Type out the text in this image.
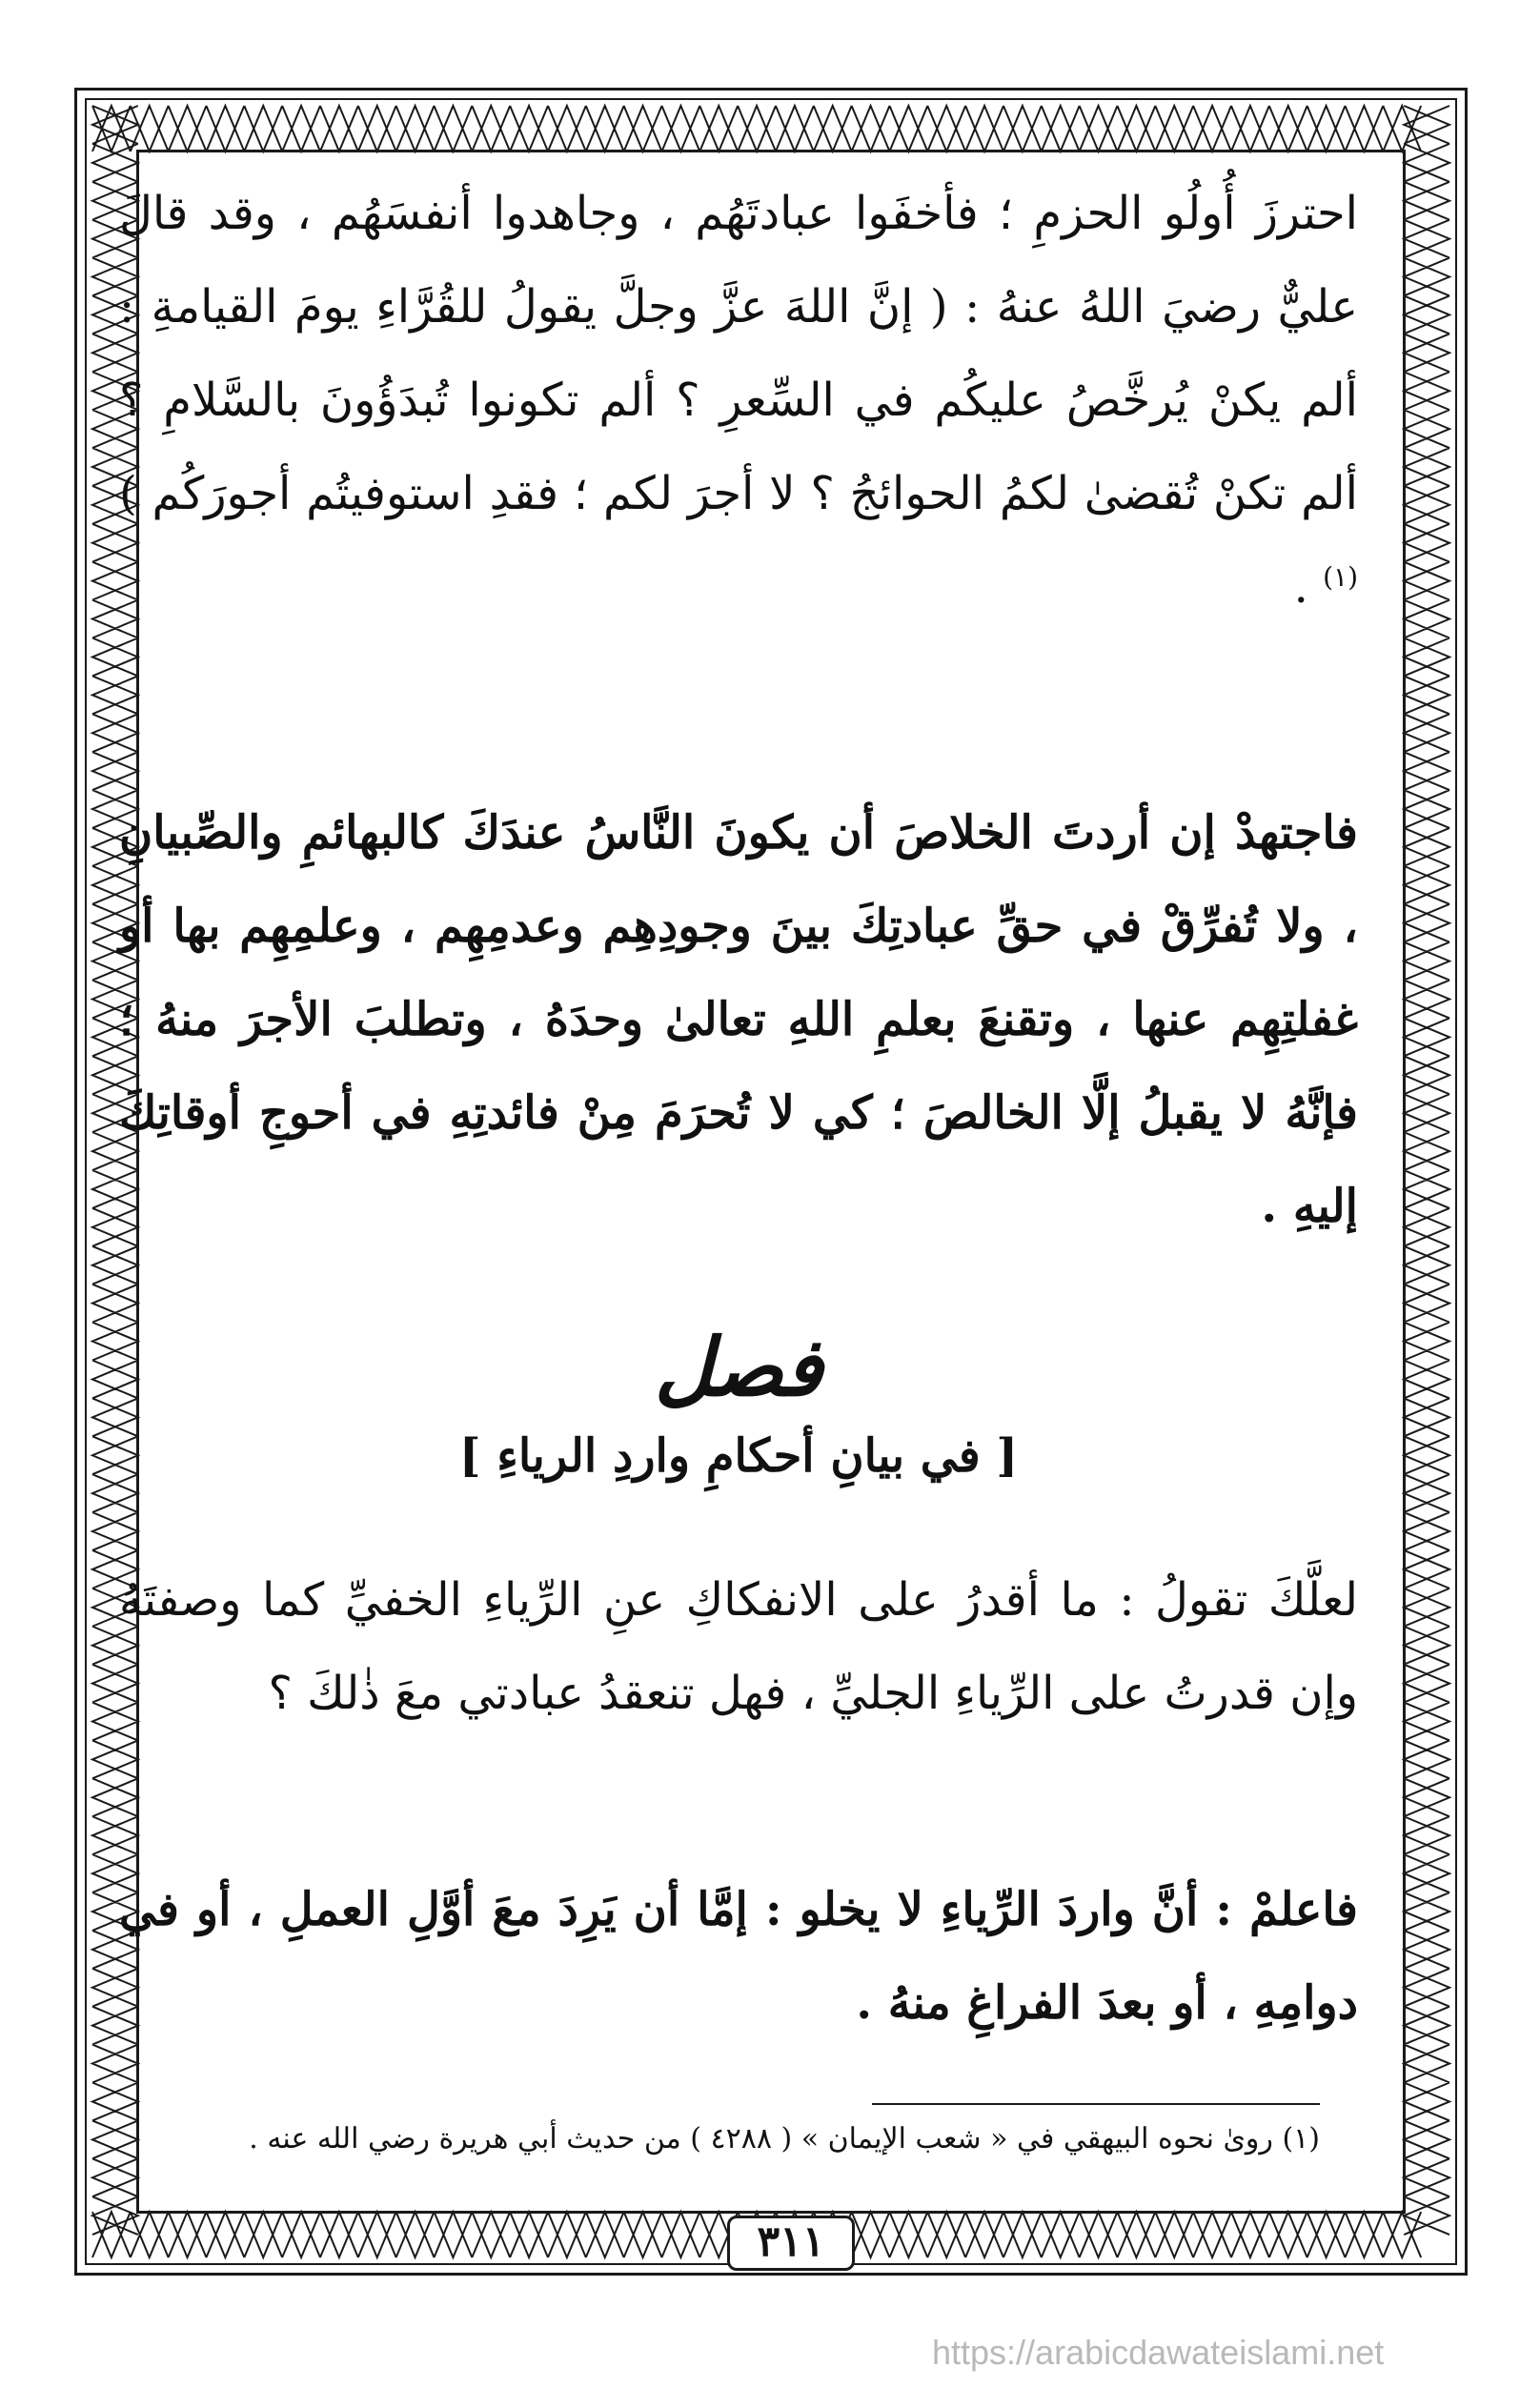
احترزَ أُولُو الحزمِ ؛ فأخفَوا عبادتَهُم ، وجاهدوا أنفسَهُم ، وقد قالَ عليٌّ رضيَ اللهُ عنهُ : ( إنَّ اللهَ عزَّ وجلَّ يقولُ للقُرَّاءِ يومَ القيامةِ : ألم يكنْ يُرخَّصُ عليكُم في السِّعرِ ؟ ألم تكونوا تُبدَؤُونَ بالسَّلامِ ؟ ألم تكنْ تُقضىٰ لكمُ الحوائجُ ؟ لا أجرَ لكم ؛ فقدِ استوفيتُم أجورَكُم )$^{(١)}$ .

فاجتهدْ إن أردتَ الخلاصَ أن يكونَ النَّاسُ عندَكَ كالبهائمِ والصِّبيانِ ، ولا تُفرِّقْ في حقِّ عبادتِكَ بينَ وجودِهِم وعدمِهِم ، وعلمِهِم بها أو غفلتِهِم عنها ، وتقنعَ بعلمِ اللهِ تعالىٰ وحدَهُ ، وتطلبَ الأجرَ منهُ ؛ فإنَّهُ لا يقبلُ إلَّا الخالصَ ؛ كي لا تُحرَمَ مِنْ فائدتِهِ في أحوجِ أوقاتِكَ إليهِ .

فصل
[ في بيانِ أحكامِ واردِ الرياءِ ]

لعلَّكَ تقولُ : ما أقدرُ على الانفكاكِ عنِ الرِّياءِ الخفيِّ كما وصفتَهُ وإن قدرتُ على الرِّياءِ الجليِّ ، فهل تنعقدُ عبادتي معَ ذٰلكَ ؟

فاعلمْ : أنَّ واردَ الرِّياءِ لا يخلو : إمَّا أن يَرِدَ معَ أوَّلِ العملِ ، أو في دوامِهِ ، أو بعدَ الفراغِ منهُ .

(١) روىٰ نحوه البيهقي في « شعب الإيمان » ( ٤٢٨٨ ) من حديث أبي هريرة رضي الله عنه .
٣١١
https://arabicdawateislami.net
